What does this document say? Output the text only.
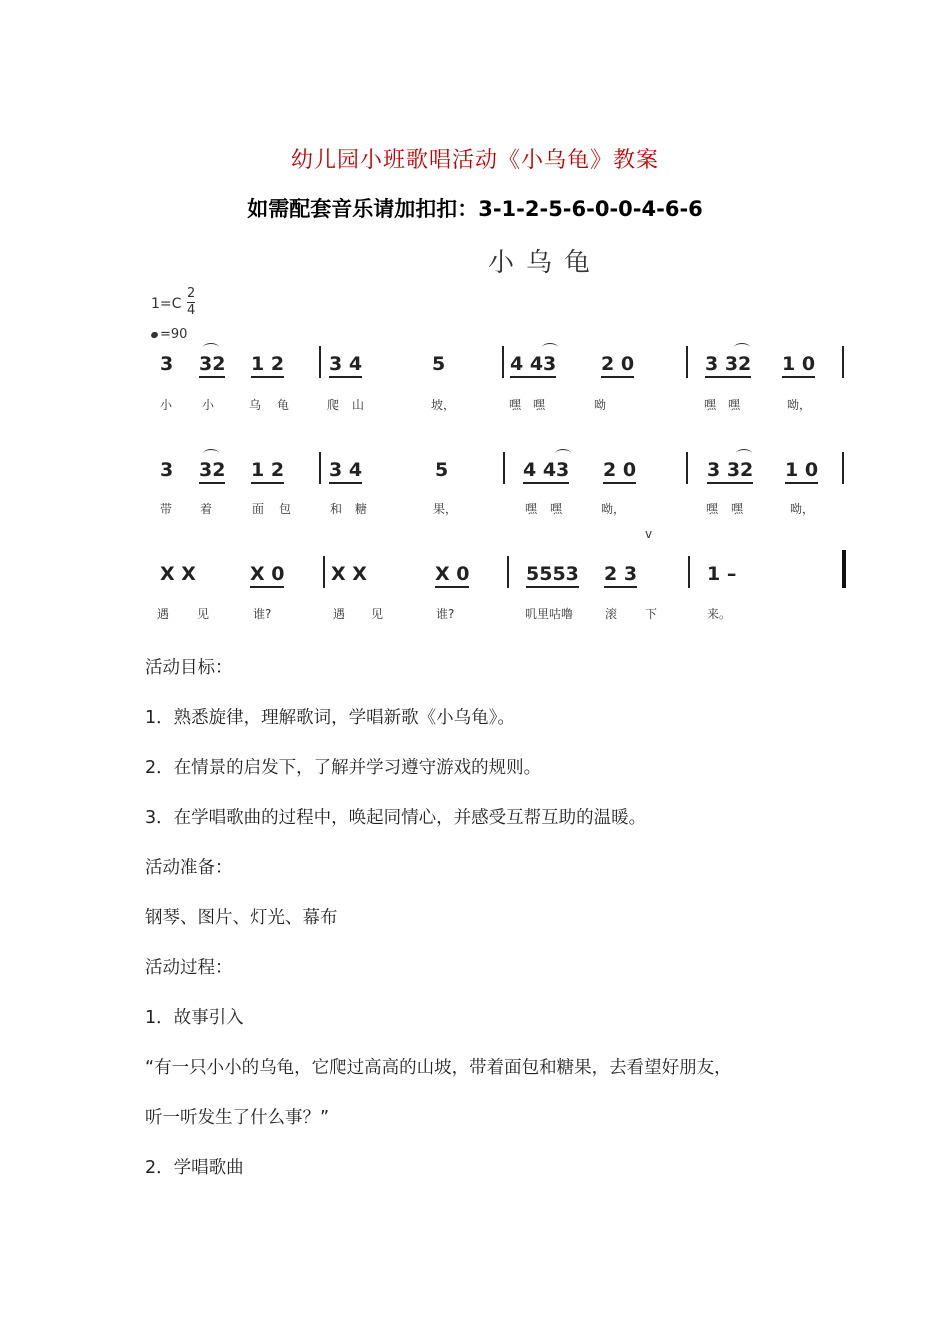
幼儿园小班歌唱活动《小乌龟》教案
如需配套音乐请加扣扣：3-1-2-5-6-0-0-4-6-6
小乌龟
1=C
2
4
=90
3 32 1 2 3 4	5	4 43 2 0	3 32 1 0
小 小	乌 龟	爬 山	坡，	嘿 嘿	呦	嘿 嘿	呦，
3 32 1 2 3 4	5	4 43 2 0	3 32 1 0
带 着	面 包	和 糖	果，	嘿 嘿	呦，	嘿 嘿	呦，
v
X X	X 0 X X	X 0	5553 2 3	1 –
遇 见	谁?	遇 见	谁?	叽里咕噜	滚 下	来。
活动目标：
1．熟悉旋律，理解歌词，学唱新歌《小乌龟》。
2．在情景的启发下，了解并学习遵守游戏的规则。
3．在学唱歌曲的过程中，唤起同情心，并感受互帮互助的温暖。
活动准备：
钢琴、图片、灯光、幕布
活动过程：
1．故事引入
“有一只小小的乌龟，它爬过高高的山坡，带着面包和糖果，去看望好朋友，
听一听发生了什么事？”
2．学唱歌曲
